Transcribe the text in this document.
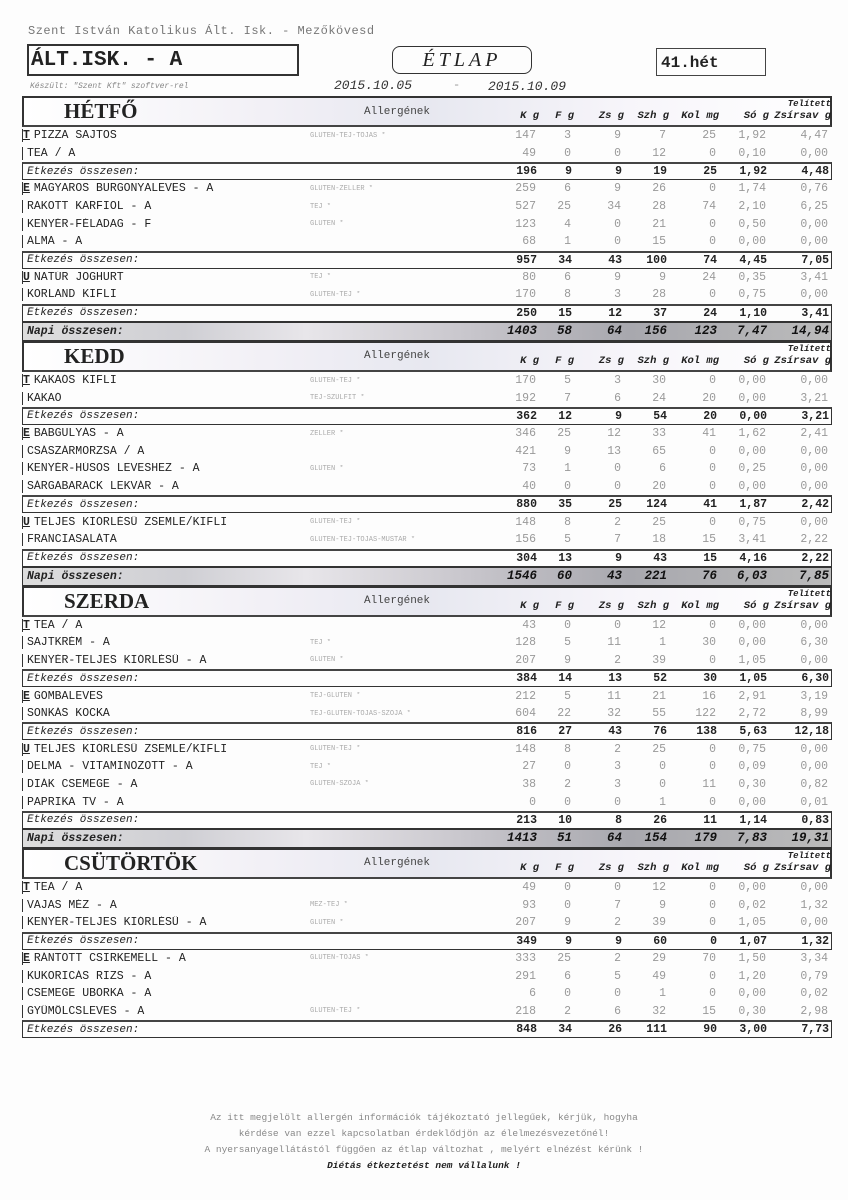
Szent István Katolikus Ált. Isk. - Mezőkövesd
ÁLT.ISK. - A	ÉTLAP	41.hét
Készült: "Szent Kft" szoftver-rel	2015.10.05	- 2015.10.09
HÉTFŐ	Allergének	K g	F g	Zs g	Szh g	Kol mg	Só g
Telített
Zsírsav g
T PIZZA SAJTOS	GLUTÉN-TEJ-TOJÁS *	147	3	9	7	25	1,92	4,47
TEA / A	49	0	0	12	0	0,10	0,00
Étkezés összesen:	196	9	9	19	25	1,92	4,48
E MAGYAROS BURGONYALEVES - A	GLUTÉN-ZELLER *	259	6	9	26	0	1,74	0,76
RAKOTT KARFIOL - A	TEJ *	527	25	34	28	74	2,10	6,25
KENYÉR-FÉLADAG - F	GLUTÉN *	123	4	0	21	0	0,50	0,00
ALMA - A	68	1	0	15	0	0,00	0,00
Étkezés összesen:	957	34	43	100	74	4,45	7,05
U NATÚR JOGHURT	TEJ *	80	6	9	9	24	0,35	3,41
KORLAND KIFLI	GLUTÉN-TEJ *	170	8	3	28	0	0,75	0,00
Étkezés összesen:	250	15	12	37	24	1,10	3,41
Napi összesen:	1403	58	64	156	123	7,47	14,94
KEDD	Allergének	K g	F g	Zs g	Szh g	Kol mg	Só g
Telített
Zsírsav g
T KAKAÓS KIFLI	GLUTÉN-TEJ *	170	5	3	30	0	0,00	0,00
KAKAÓ	TEJ-SZULFIT *	192	7	6	24	20	0,00	3,21
Étkezés összesen:	362	12	9	54	20	0,00	3,21
E BABGULYÁS - A	ZELLER *	346	25	12	33	41	1,62	2,41
CSÁSZÁRMORZSA / A	421	9	13	65	0	0,00	0,00
KENYÉR-HÚSOS LEVESHEZ - A	GLUTÉN *	73	1	0	6	0	0,25	0,00
SÁRGABARACK LEKVÁR - A	40	0	0	20	0	0,00	0,00
Étkezés összesen:	880	35	25	124	41	1,87	2,42
U TELJES KIÓRLÉSŰ ZSEMLE/KIFLI	GLUTÉN-TEJ *	148	8	2	25	0	0,75	0,00
FRANCIASALÁTA	GLUTÉN-TEJ-TOJÁS-MUSTÁR *	156	5	7	18	15	3,41	2,22
Étkezés összesen:	304	13	9	43	15	4,16	2,22
Napi összesen:	1546	60	43	221	76	6,03	7,85
SZERDA	Allergének	K g	F g	Zs g	Szh g	Kol mg	Só g
Telített
Zsírsav g
T TEA / A	43	0	0	12	0	0,00	0,00
SAJTKRÉM - A	TEJ *	128	5	11	1	30	0,00	6,30
KENYÉR-TELJES KIÓRLÉSŰ - A	GLUTÉN *	207	9	2	39	0	1,05	0,00
Étkezés összesen:	384	14	13	52	30	1,05	6,30
E GOMBALEVES	TEJ-GLUTÉN *	212	5	11	21	16	2,91	3,19
SONKÁS KOCKA	TEJ-GLUTÉN-TOJÁS-SZÓJA *	604	22	32	55	122	2,72	8,99
Étkezés összesen:	816	27	43	76	138	5,63	12,18
U TELJES KIÓRLÉSŰ ZSEMLE/KIFLI	GLUTÉN-TEJ *	148	8	2	25	0	0,75	0,00
DELMA - VITAMINOZOTT - A	TEJ *	27	0	3	0	0	0,09	0,00
DIÁK CSEMEGE - A	GLUTÉN-SZÓJA *	38	2	3	0	11	0,30	0,82
PAPRIKA TV - A	0	0	0	1	0	0,00	0,01
Étkezés összesen:	213	10	8	26	11	1,14	0,83
Napi összesen:	1413	51	64	154	179	7,83	19,31
CSÜTÖRTÖK	Allergének	K g	F g	Zs g	Szh g	Kol mg	Só g
Telített
Zsírsav g
T TEA / A	49	0	0	12	0	0,00	0,00
VAJAS MÉZ - A	MÉZ-TEJ *	93	0	7	9	0	0,02	1,32
KENYÉR-TELJES KIÓRLÉSŰ - A	GLUTÉN *	207	9	2	39	0	1,05	0,00
Étkezés összesen:	349	9	9	60	0	1,07	1,32
E RÁNTOTT CSIRKEMELL - A	GLUTÉN-TOJÁS *	333	25	2	29	70	1,50	3,34
KUKORICÁS RIZS - A	291	6	5	49	0	1,20	0,79
CSEMEGE UBORKA - A	6	0	0	1	0	0,00	0,02
GYÜMÖLCSLEVES - A	GLUTÉN-TEJ *	218	2	6	32	15	0,30	2,98
Étkezés összesen:	848	34	26	111	90	3,00	7,73
Az itt megjelölt allergén információk tájékoztató jellegűek, kérjük, hogyha
kérdése van ezzel kapcsolatban érdeklődjön az élelmezésvezetőnél!
A nyersanyagellátástól függően az étlap változhat , melyért elnézést kérünk !
Diétás étkeztetést nem vállalunk !
